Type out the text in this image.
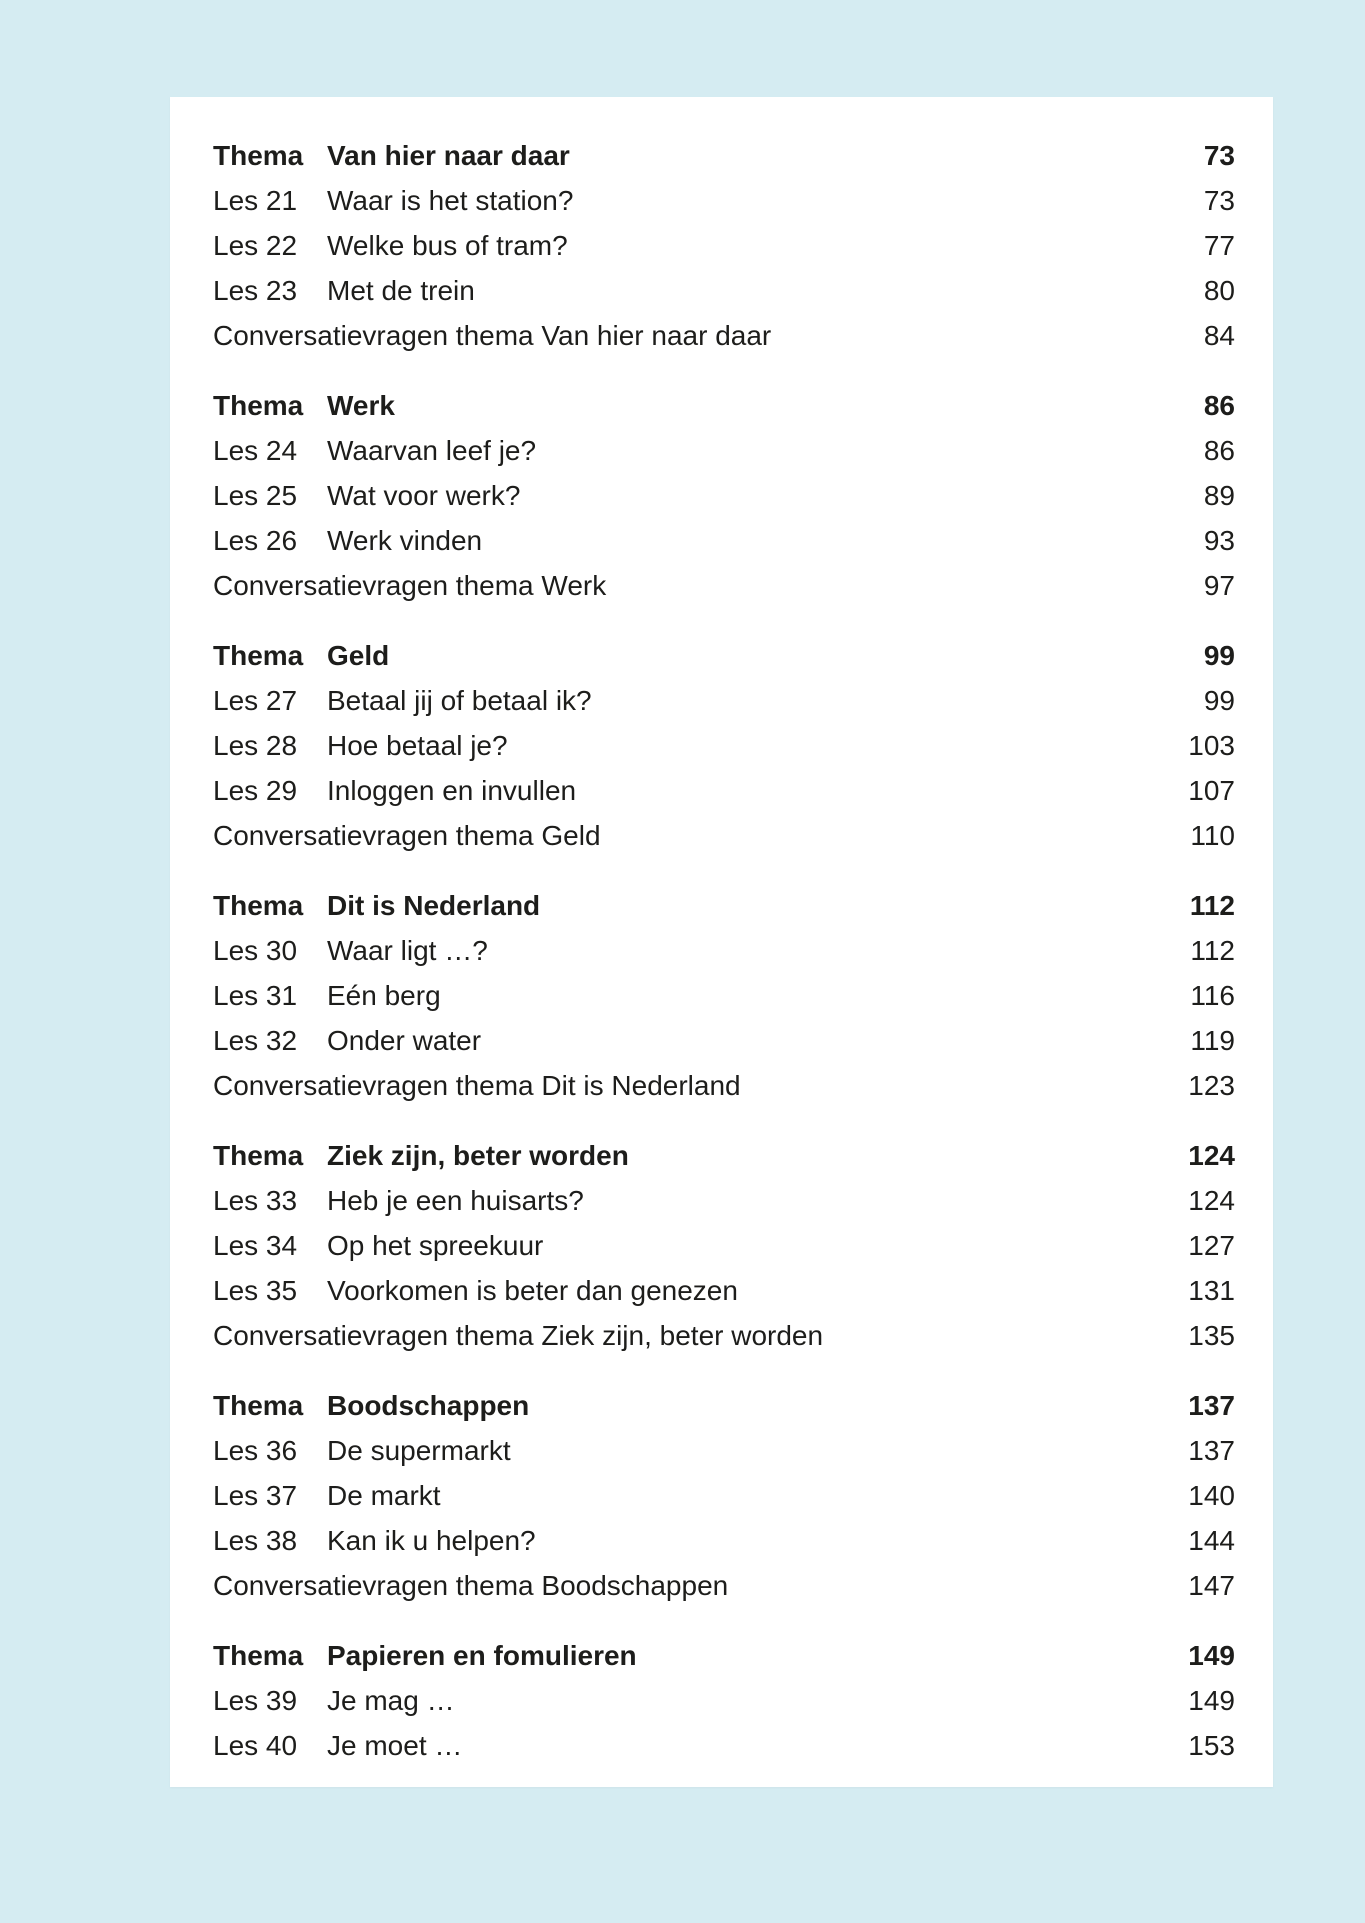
Thema Van hier naar daar	73
Les 21	Waar is het station?	73
Les 22	Welke bus of tram?	77
Les 23	Met de trein	80
Conversatievragen thema Van hier naar daar	84
Thema Werk	86
Les 24	Waarvan leef je?	86
Les 25	Wat voor werk?	89
Les 26	Werk vinden	93
Conversatievragen thema Werk	97
Thema Geld	99
Les 27	Betaal jij of betaal ik?	99
Les 28	Hoe betaal je?	103
Les 29	Inloggen en invullen	107
Conversatievragen thema Geld	110
Thema Dit is Nederland	112
Les 30	Waar ligt …?	112
Les 31	Eén berg	116
Les 32	Onder water	119
Conversatievragen thema Dit is Nederland	123
Thema Ziek zijn, beter worden	124
Les 33	Heb je een huisarts?	124
Les 34	Op het spreekuur	127
Les 35	Voorkomen is beter dan genezen	131
Conversatievragen thema Ziek zijn, beter worden	135
Thema Boodschappen	137
Les 36	De supermarkt	137
Les 37	De markt	140
Les 38	Kan ik u helpen?	144
Conversatievragen thema Boodschappen	147
Thema Papieren en fomulieren	149
Les 39	Je mag …	149
Les 40	Je moet …	153
